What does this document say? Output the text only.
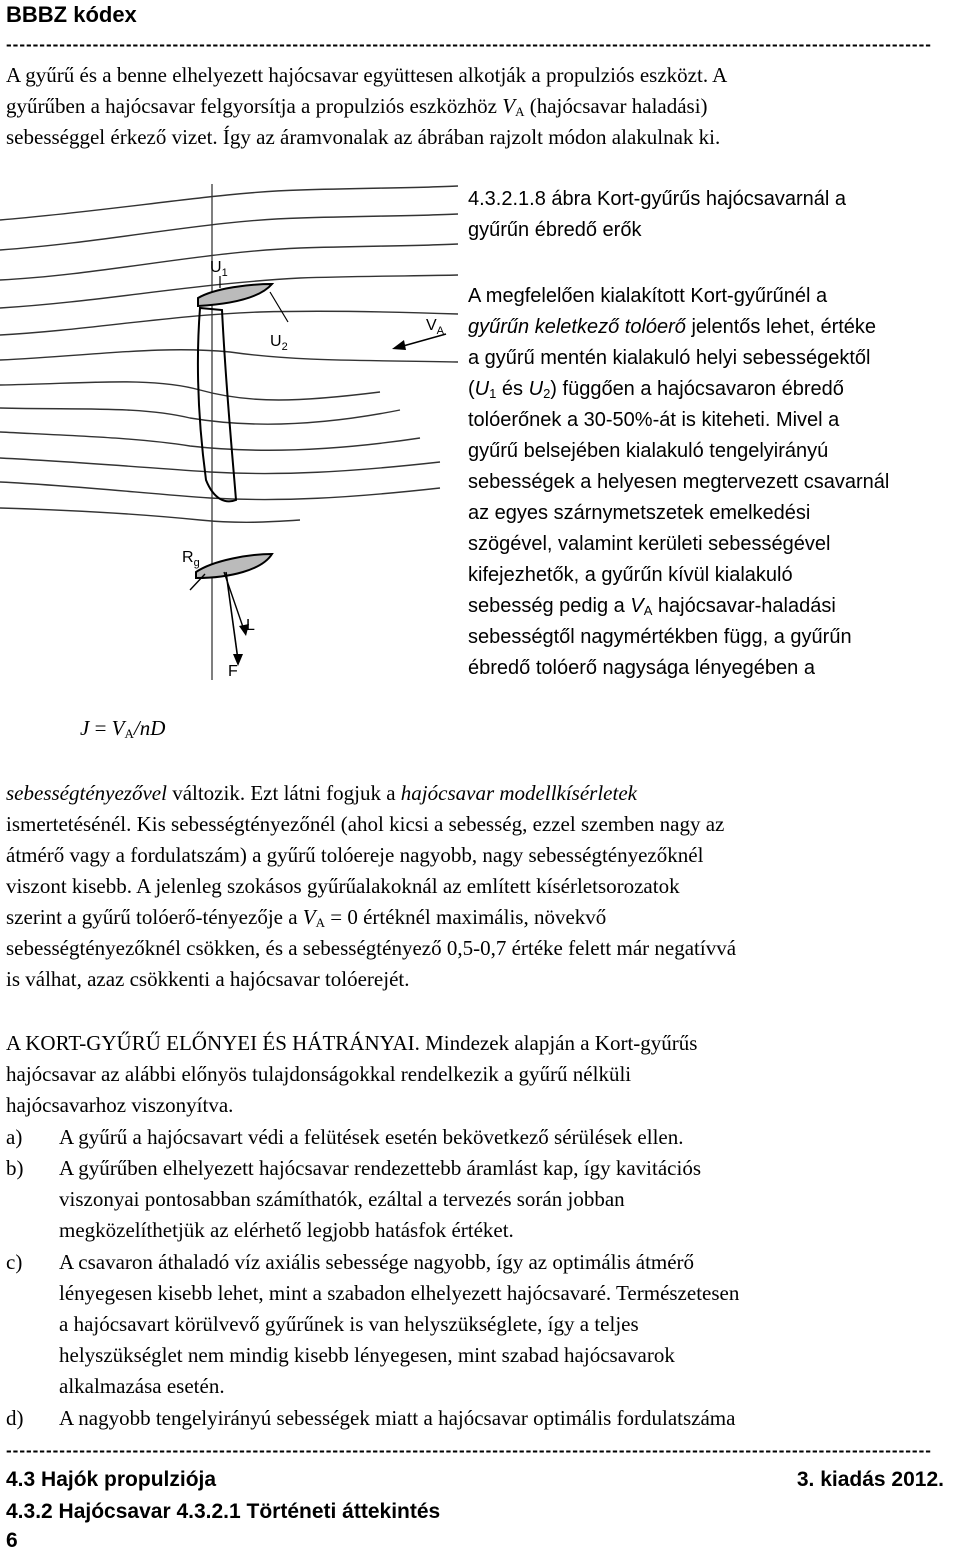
BBBZ kódex
-------------------------------------------------------------------------------------------------------------------------------------------

A gyűrű és a benne elhelyezett hajócsavar együttesen alkotják a propulziós eszközt. A

gyűrűben a hajócsavar felgyorsítja a propulziós eszközhöz $V_A$ (hajócsavar haladási)

sebességgel érkező vizet. Így az áramvonalak az ábrában rajzolt módon alakulnak ki.

$V_A$
$U_1$
$U_2$
$R_g$
L
F

4.3.2.1.8 ábra Kort-gyűrűs hajócsavarnál a

gyűrűn ébredő erők

A megfelelően kialakított Kort-gyűrűnél a

gyűrűn keletkező tolóerő jelentős lehet, értéke

a gyűrű mentén kialakuló helyi sebességektől

($U_1$ és $U_2$) függően a hajócsavaron ébredő

tolóerőnek a 30-50%-át is kiteheti. Mivel a

gyűrű belsejében kialakuló tengelyirányú

sebességek a helyesen megtervezett csavarnál

az egyes szárnymetszetek emelkedési

szögével, valamint kerületi sebességével

kifejezhetők, a gyűrűn kívül kialakuló

sebesség pedig a $V_A$ hajócsavar-haladási

sebességtől nagymértékben függ, a gyűrűn

ébredő tolóerő nagysága lényegében a

$J = V_A/nD$

sebességtényezővel változik. Ezt látni fogjuk a hajócsavar modellkísérletek

ismertetésénél. Kis sebességtényezőnél (ahol kicsi a sebesség, ezzel szemben nagy az

átmérő vagy a fordulatszám) a gyűrű tolóereje nagyobb, nagy sebességtényezőknél

viszont kisebb. A jelenleg szokásos gyűrűalakoknál az említett kísérletsorozatok

szerint a gyűrű tolóerő-tényezője a $V_A = 0$ értéknél maximális, növekvő

sebességtényezőknél csökken, és a sebességtényező 0,5-0,7 értéke felett már negatívvá

is válhat, azaz csökkenti a hajócsavar tolóerejét.

A KORT-GYŰRŰ ELŐNYEI ÉS HÁTRÁNYAI. Mindezek alapján a Kort-gyűrűs

hajócsavar az alábbi előnyös tulajdonságokkal rendelkezik a gyűrű nélküli

hajócsavarhoz viszonyítva.

a) A gyűrű a hajócsavart védi a felütések esetén bekövetkező sérülések ellen.

b) A gyűrűben elhelyezett hajócsavar rendezettebb áramlást kap, így kavitációs

viszonyai pontosabban számíthatók, ezáltal a tervezés során jobban

megközelíthetjük az elérhető legjobb hatásfok értéket.

c) A csavaron áthaladó víz axiális sebessége nagyobb, így az optimális átmérő

lényegesen kisebb lehet, mint a szabadon elhelyezett hajócsavaré. Természetesen

a hajócsavart körülvevő gyűrűnek is van helyszükséglete, így a teljes

helyszükséglet nem mindig kisebb lényegesen, mint szabad hajócsavarok

alkalmazása esetén.

d) A nagyobb tengelyirányú sebességek miatt a hajócsavar optimális fordulatszáma

-------------------------------------------------------------------------------------------------------------------------------------------
4.3 Hajók propulziója	3. kiadás 2012.
4.3.2 Hajócsavar 4.3.2.1 Történeti áttekintés
6
